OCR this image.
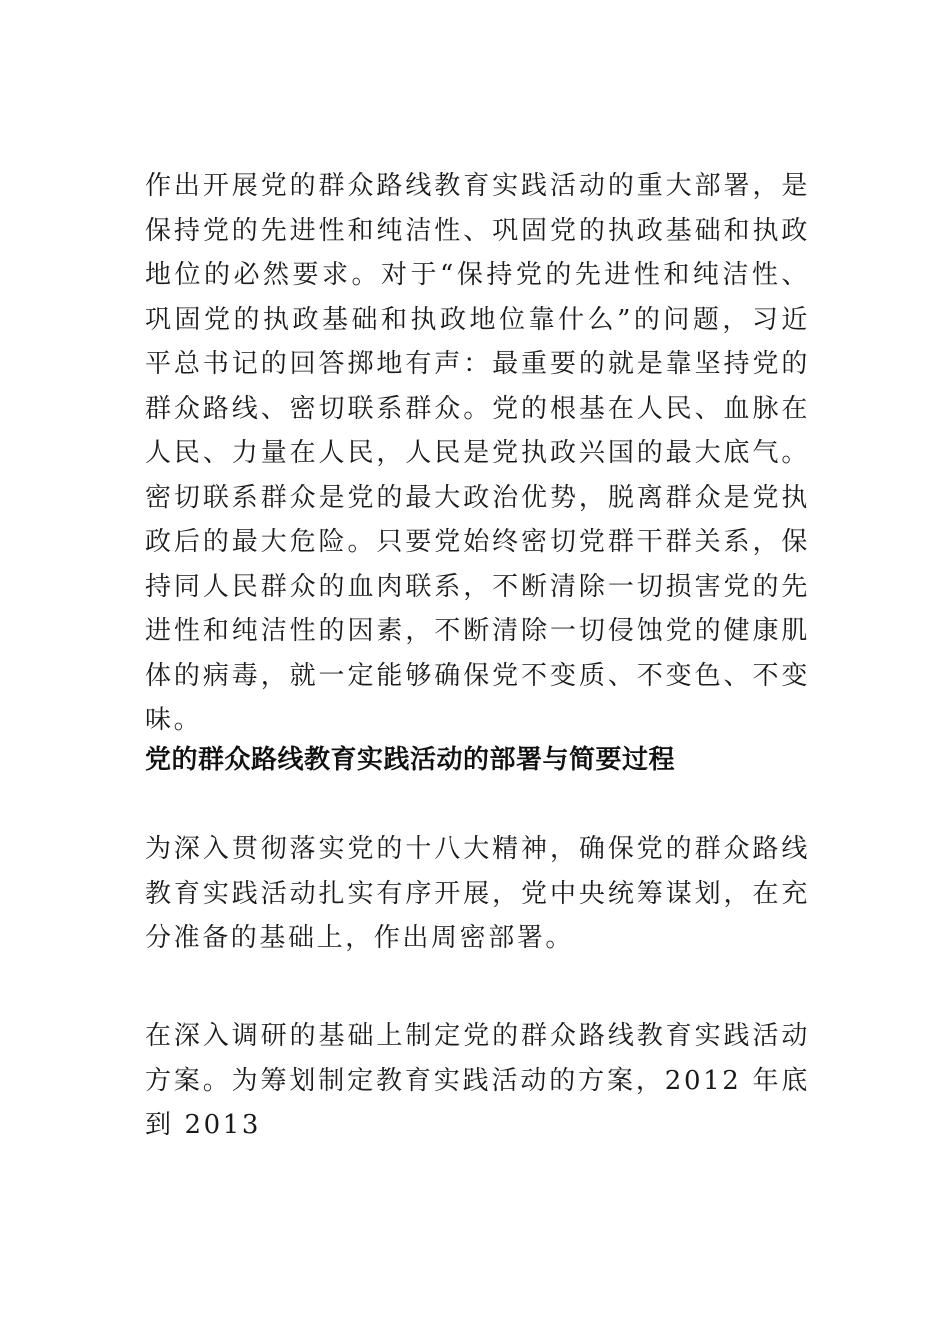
作出开展党的群众路线教育实践活动的重大部署，是保持党的先进性和纯洁性、巩固党的执政基础和执政地位的必然要求。对于“保持党的先进性和纯洁性、巩固党的执政基础和执政地位靠什么”的问题，习近平总书记的回答掷地有声：最重要的就是靠坚持党的群众路线、密切联系群众。党的根基在人民、血脉在人民、力量在人民，人民是党执政兴国的最大底气。密切联系群众是党的最大政治优势，脱离群众是党执政后的最大危险。只要党始终密切党群干群关系，保持同人民群众的血肉联系，不断清除一切损害党的先进性和纯洁性的因素，不断清除一切侵蚀党的健康肌体的病毒，就一定能够确保党不变质、不变色、不变味。

党的群众路线教育实践活动的部署与简要过程

为深入贯彻落实党的十八大精神，确保党的群众路线教育实践活动扎实有序开展，党中央统筹谋划，在充分准备的基础上，作出周密部署。

在深入调研的基础上制定党的群众路线教育实践活动方案。为筹划制定教育实践活动的方案，2012 年底到 2013
